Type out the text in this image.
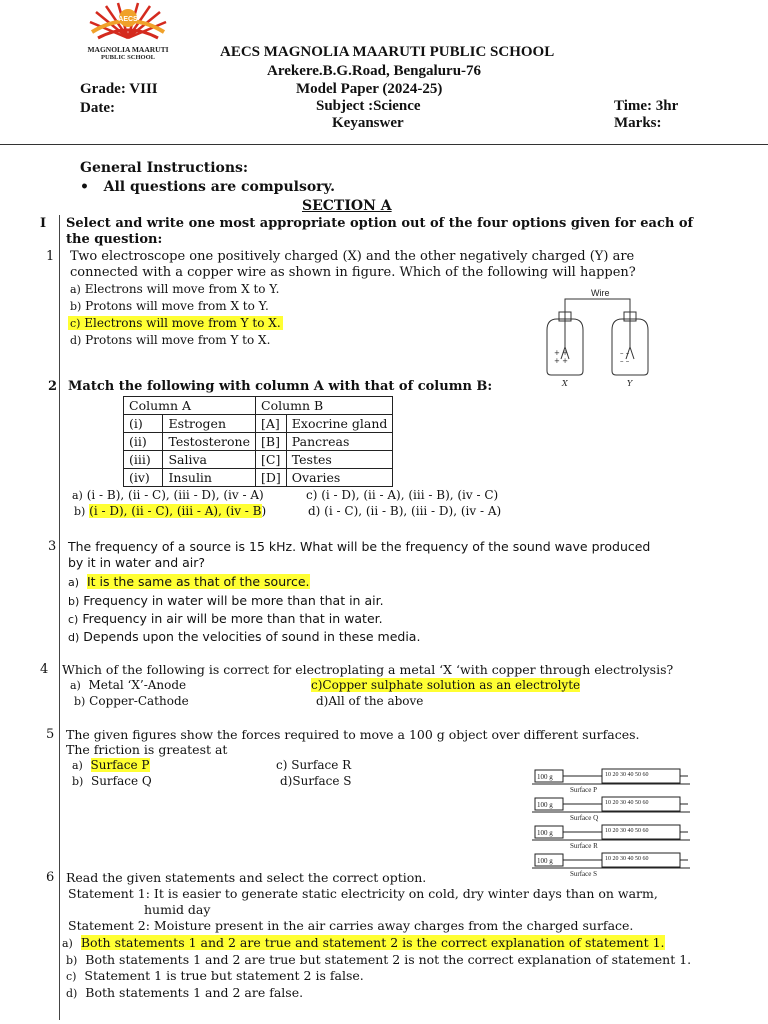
AECS
MAGNOLIA MAARUTI
PUBLIC SCHOOL	AECS MAGNOLIA MAARUTI PUBLIC SCHOOL
Arekere.B.G.Road, Bengaluru-76
Grade: VIII	Model Paper (2024-25)
Date:	Subject :Science	Time: 3hr
Keyanswer	Marks:
General Instructions:
• All questions are compulsory.
SECTION A
I Select and write one most appropriate option out of the four options given for each of
the question:
1 Two electroscope one positively charged (X) and the other negatively charged (Y) are
connected with a copper wire as shown in figure. Which of the following will happen?
a) Electrons will move from X to Y.
b) Protons will move from X to Y.
c) Electrons will move from Y to X.
d) Protons will move from Y to X.
Wire
+ +
+ +
– –
– –
X	Y
2 Match the following with column A with that of column B:
Column A		Column B	
(i)	Estrogen	[A]	Exocrine gland
(ii)	Testosterone	[B]	Pancreas
(iii)	Saliva	[C]	Testes
(iv)	Insulin	[D]	Ovaries
a) (i - B), (ii - C), (iii - D), (iv - A)	c) (i - D), (ii - A), (iii - B), (iv - C)
b) (i - D), (ii - C), (iii - A), (iv - B)	d) (i - C), (ii - B), (iii - D), (iv - A)
3 The frequency of a source is 15 kHz. What will be the frequency of the sound wave produced
by it in water and air?
a) It is the same as that of the source.
b) Frequency in water will be more than that in air.
c) Frequency in air will be more than that in water.
d) Depends upon the velocities of sound in these media.
4 Which of the following is correct for electroplating a metal ‘X ‘with copper through electrolysis?
a) Metal ‘X’-Anode	c)Copper sulphate solution as an electrolyte
b) Copper-Cathode	d)All of the above
5 The given figures show the forces required to move a 100 g object over different surfaces.
The friction is greatest at
a) Surface P	c) Surface R
b) Surface Q	d)Surface S	100 g	10 20 30 40 50 60
Surface P
100 g	10 20 30 40 50 60
Surface Q
100 g	10 20 30 40 50 60
Surface R
100 g	10 20 30 40 50 60
Surface S
6 Read the given statements and select the correct option.
Statement 1: It is easier to generate static electricity on cold, dry winter days than on warm,
humid day
Statement 2: Moisture present in the air carries away charges from the charged surface.
a) Both statements 1 and 2 are true and statement 2 is the correct explanation of statement 1.
b) Both statements 1 and 2 are true but statement 2 is not the correct explanation of statement 1.
c) Statement 1 is true but statement 2 is false.
d) Both statements 1 and 2 are false.
